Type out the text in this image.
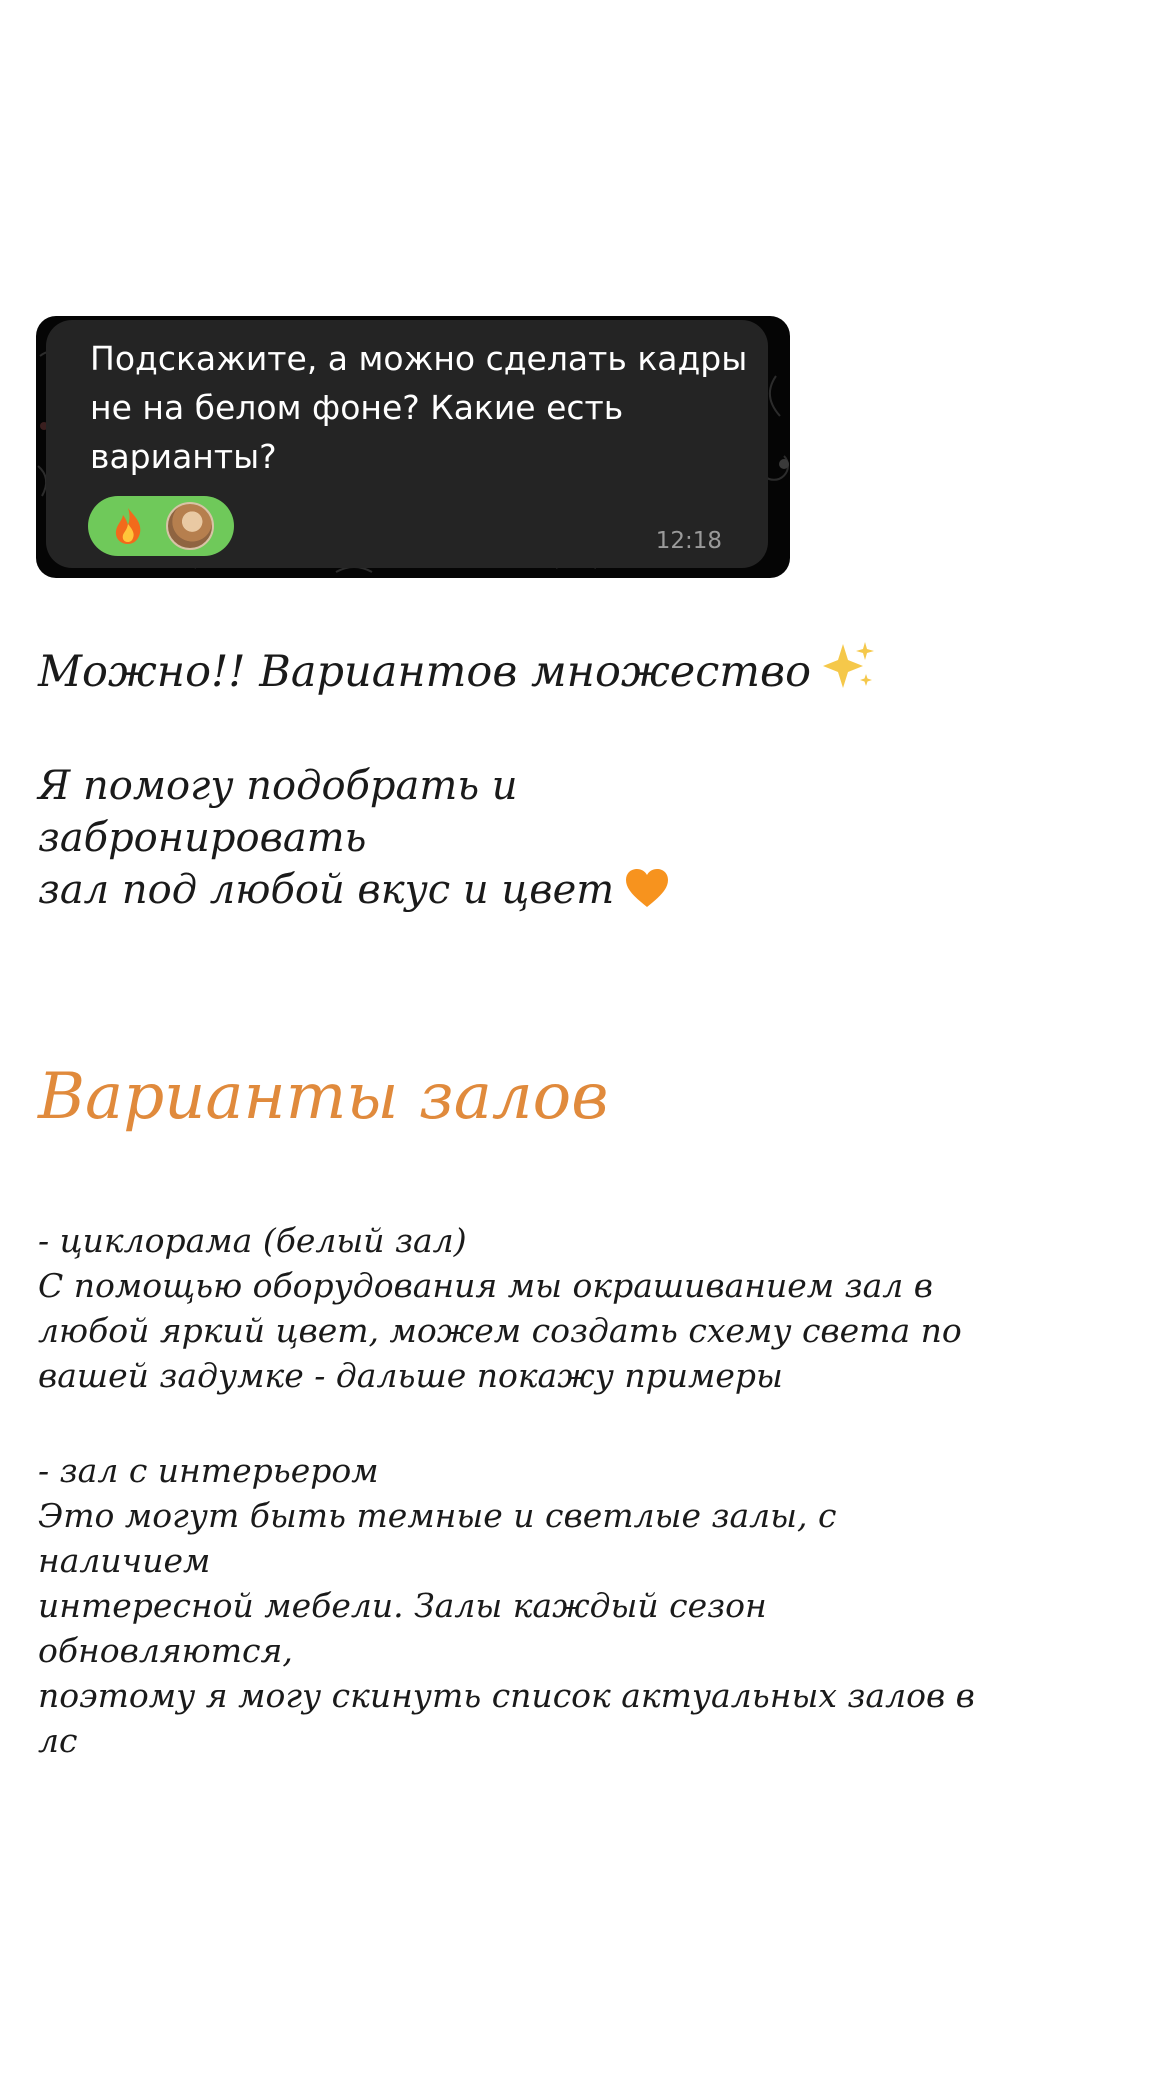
Подскажите, а можно сделать кадры
не на белом фоне? Какие есть
варианты?

12:18

Можно!! Вариантов множество

Я помогу подобрать и забронировать
зал под любой вкус и цвет

Варианты залов

- циклорама (белый зал)
С помощью оборудования мы окрашиванием зал в
любой яркий цвет, можем создать схему света по
вашей задумке - дальше покажу примеры

- зал с интерьером
Это могут быть темные и светлые залы, с наличием
интересной мебели. Залы каждый сезон обновляются,
поэтому я могу скинуть список актуальных залов в лс
